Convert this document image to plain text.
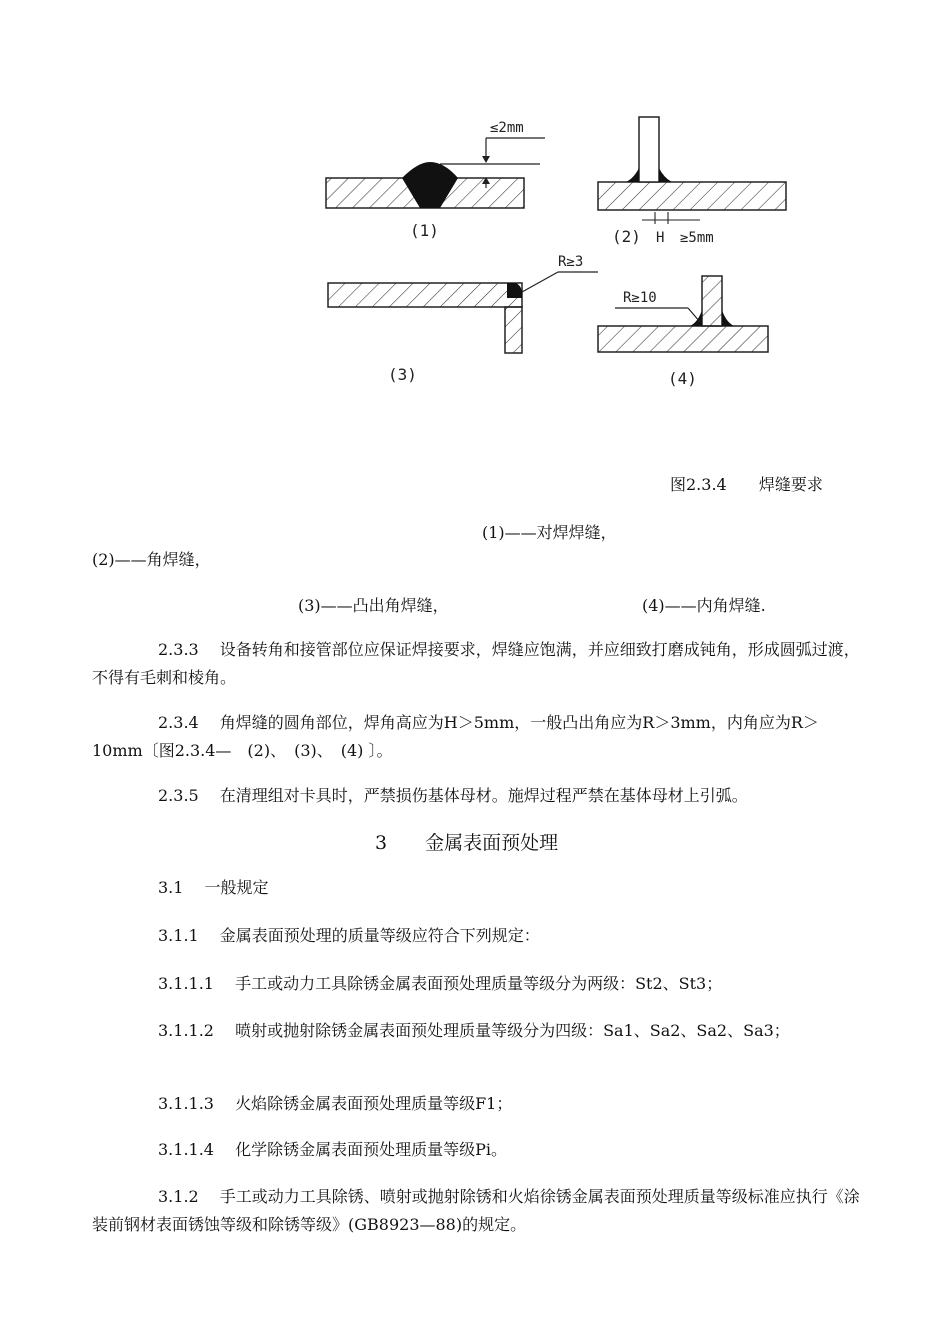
≤2mm
(1)	(2) H ≥5mm
R≥3
(3)
R≥10
(4)
图2.3.4 焊缝要求
(1)——对焊焊缝，
(2)——角焊缝，
(3)——凸出角焊缝，	(4)——内角焊缝.
2.3.3　 设备转角和接管部位应保证焊接要求，焊缝应饱满，并应细致打磨成钝角，形成圆弧过渡，不得有毛刺和棱角。
2.3.4　 角焊缝的圆角部位，焊角高应为H＞5mm，一般凸出角应为R＞3mm，内角应为R＞10mm〔图2.3.4—　(2)、　(3)、　(4) 〕。
2.3.5　 在清理组对卡具时，严禁损伤基体母材。施焊过程严禁在基体母材上引弧。
3　　金属表面预处理
3.1　 一般规定
3.1.1　 金属表面预处理的质量等级应符合下列规定：
3.1.1.1　 手工或动力工具除锈金属表面预处理质量等级分为两级：St2、St3；
3.1.1.2　 喷射或抛射除锈金属表面预处理质量等级分为四级：Sa1、Sa2、Sa2、Sa3；
3.1.1.3　 火焰除锈金属表面预处理质量等级F1；
3.1.1.4　 化学除锈金属表面预处理质量等级Pi。
3.1.2　 手工或动力工具除锈、喷射或抛射除锈和火焰徐锈金属表面预处理质量等级标准应执行《涂装前钢材表面锈蚀等级和除锈等级》(GB8923—88)的规定。
